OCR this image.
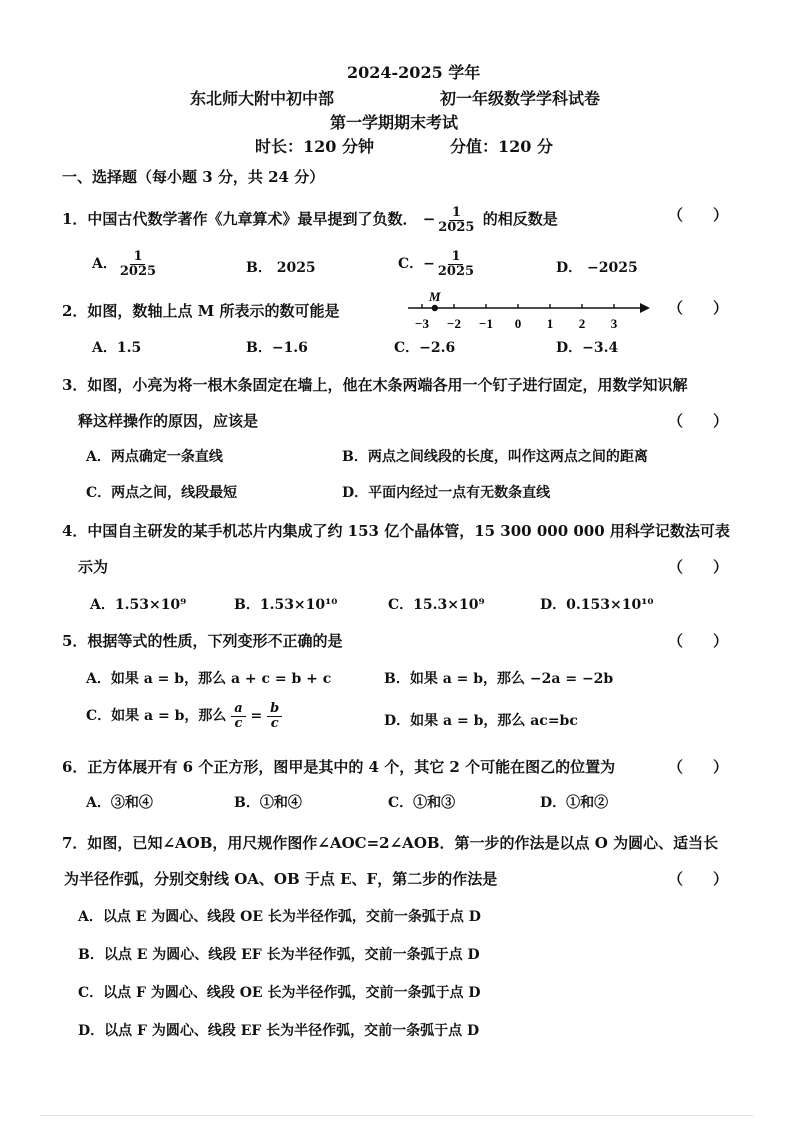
2024-2025 学年
东北师大附中初中部	初一年级数学学科试卷
第一学期期末考试
时长：120 分钟	分值：120 分
一、选择题（每小题 3 分，共 24 分）
1．中国古代数学著作《九章算术》最早提到了负数． − $\frac{1}{2025}$ 的相反数是	（　　）
A． $\frac{1}{2025}$	B． 2025	C．− $\frac{1}{2025}$	D． −2025
2．如图，数轴上点 M 所表示的数可能是
−3 −2 −1 0 1 2 3
M
（　　）
A．1.5	B．−1.6	C．−2.6	D．−3.4
3．如图，小亮为将一根木条固定在墙上，他在木条两端各用一个钉子进行固定，用数学知识解
释这样操作的原因，应该是	（　　）
A．两点确定一条直线	B．两点之间线段的长度，叫作这两点之间的距离
C．两点之间，线段最短	D．平面内经过一点有无数条直线
4．中国自主研发的某手机芯片内集成了约 153 亿个晶体管，15 300 000 000 用科学记数法可表
示为	（　　）
A．1.53×10⁹	B．1.53×10¹⁰	C．15.3×10⁹	D．0.153×10¹⁰
5．根据等式的性质，下列变形不正确的是	（　　）
A．如果 a = b，那么 a + c = b + c	B．如果 a = b，那么 −2a = −2b
C．如果 a = b，那么 $\frac{a}{c} = \frac{b}{c}$	D．如果 a = b，那么 ac=bc
6．正方体展开有 6 个正方形，图甲是其中的 4 个，其它 2 个可能在图乙的位置为	（　　）
A．③和④	B．①和④	C．①和③	D．①和②
7．如图，已知∠AOB，用尺规作图作∠AOC=2∠AOB．第一步的作法是以点 O 为圆心、适当长
为半径作弧，分别交射线 OA、OB 于点 E、F，第二步的作法是	（　　）
A．以点 E 为圆心、线段 OE 长为半径作弧，交前一条弧于点 D
B．以点 E 为圆心、线段 EF 长为半径作弧，交前一条弧于点 D
C．以点 F 为圆心、线段 OE 长为半径作弧，交前一条弧于点 D
D．以点 F 为圆心、线段 EF 长为半径作弧，交前一条弧于点 D
